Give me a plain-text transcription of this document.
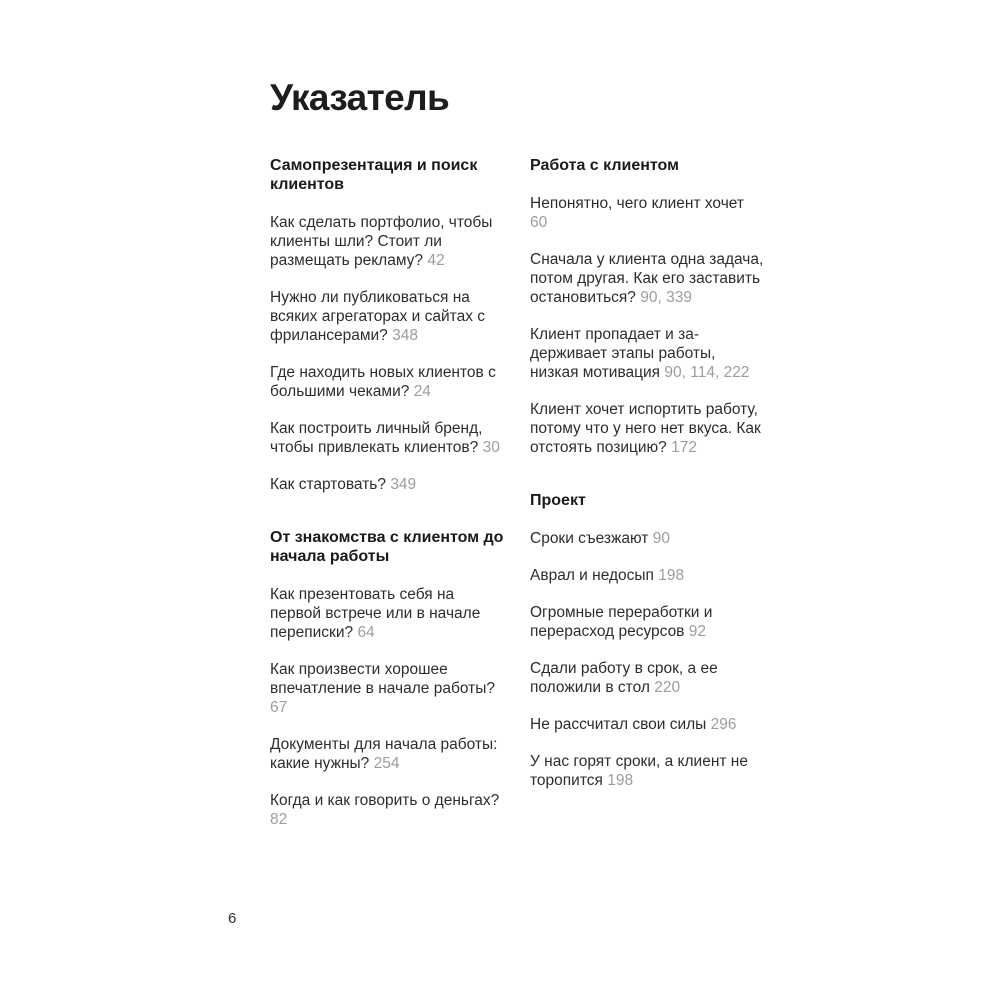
Указатель
Самопрезентация и поиск клиентов

Как сделать портфолио, чтобы клиенты шли? Стоит ли размещать рекламу? 42

Нужно ли публиковаться на всяких агрегаторах и сайтах с фрилансерами? 348

Где находить новых клиентов с большими чеками? 24

Как построить личный бренд, чтобы привлекать клиентов? 30

Как стартовать? 349

От знакомства с клиентом до начала работы

Как презентовать себя на первой встрече или в начале переписки? 64

Как произвести хорошее впечатление в начале работы? 67

Документы для начала работы: какие нужны? 254

Когда и как говорить о деньгах? 82

Работа с клиентом

Непонятно, чего клиент хочет 60

Сначала у клиента одна задача, потом другая. Как его заставить остановиться? 90, 339

Клиент пропадает и задерживает этапы работы, низкая мотивация 90, 114, 222

Клиент хочет испортить работу, потому что у него нет вкуса. Как отстоять позицию? 172

Проект

Сроки съезжают 90

Аврал и недосып 198

Огромные переработки и перерасход ресурсов 92

Сдали работу в срок, а ее положили в стол 220

Не рассчитал свои силы 296

У нас горят сроки, а клиент не торопится 198

6
